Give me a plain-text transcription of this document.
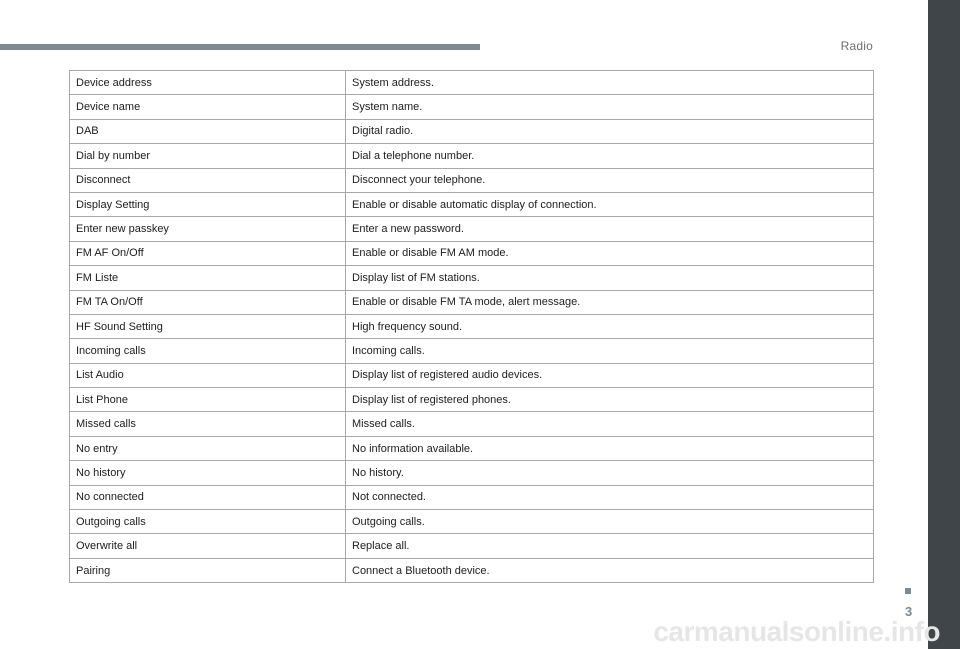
Radio
Device address	System address.
Device name	System name.
DAB	Digital radio.
Dial by number	Dial a telephone number.
Disconnect	Disconnect your telephone.
Display Setting	Enable or disable automatic display of connection.
Enter new passkey	Enter a new password.
FM AF On/Off	Enable or disable FM AM mode.
FM Liste	Display list of FM stations.
FM TA On/Off	Enable or disable FM TA mode, alert message.
HF Sound Setting	High frequency sound.
Incoming calls	Incoming calls.
List Audio	Display list of registered audio devices.
List Phone	Display list of registered phones.
Missed calls	Missed calls.
No entry	No information available.
No history	No history.
No connected	Not connected.
Outgoing calls	Outgoing calls.
Overwrite all	Replace all.
Pairing	Connect a Bluetooth device.
3
carmanualsonline.info
